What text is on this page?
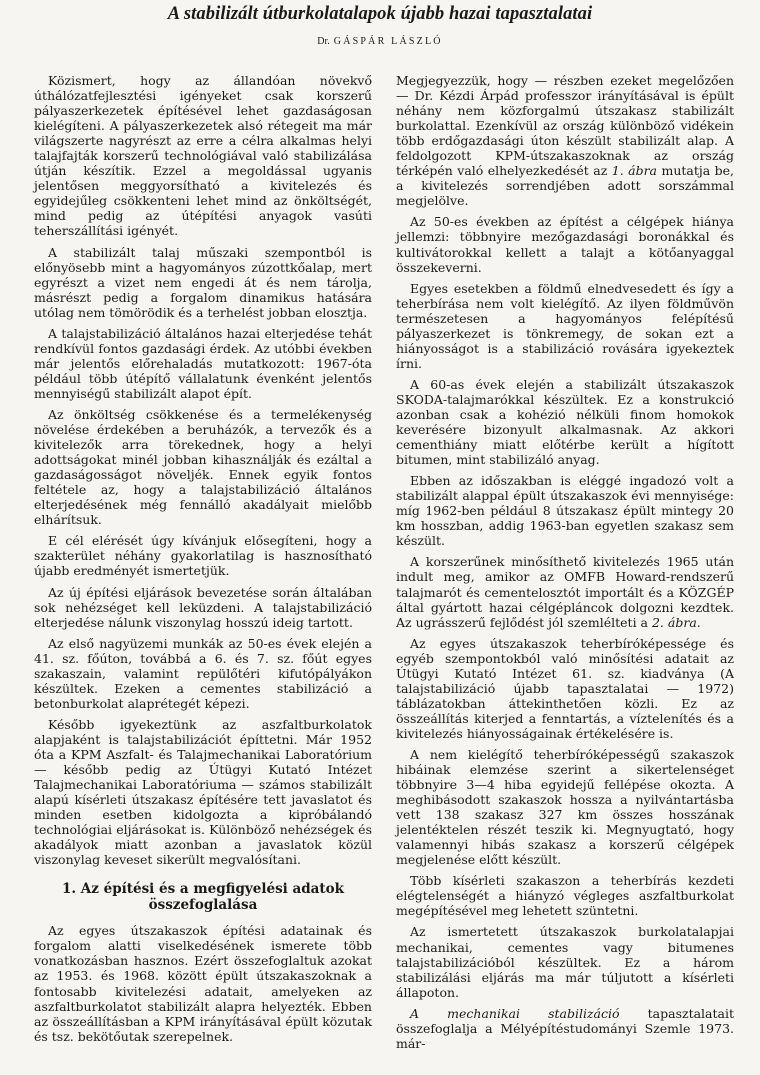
A stabilizált útburkolatalapok újabb hazai tapasztalatai
Dr. GÁSPÁR LÁSZLÓ

Közismert, hogy az állandóan növekvő úthálózatfejlesztési igényeket csak korszerű pályaszerkezetek építésével lehet gazdaságosan kielégíteni. A pályaszerkezetek alsó rétegeit ma már világszerte nagyrészt az erre a célra alkalmas helyi talajfajták korszerű technológiával való stabilizálása útján készítik. Ezzel a megoldással ugyanis jelentősen meggyorsítható a kivitelezés és egyidejűleg csökkenteni lehet mind az önköltségét, mind pedig az útépítési anyagok vasúti teherszállítási igényét.

A stabilizált talaj műszaki szempontból is előnyösebb mint a hagyományos zúzottkőalap, mert egyrészt a vizet nem engedi át és nem tárolja, másrészt pedig a forgalom dinamikus hatására utólag nem tömörödik és a terhelést jobban elosztja.

A talajstabilizáció általános hazai elterjedése tehát rendkívül fontos gazdasági érdek. Az utóbbi években már jelentős előrehaladás mutatkozott: 1967-óta például több útépítő vállalatunk évenként jelentős mennyiségű stabilizált alapot épít.

Az önköltség csökkenése és a termelékenység növelése érdekében a beruházók, a tervezők és a kivitelezők arra törekednek, hogy a helyi adottságokat minél jobban kihasználják és ezáltal a gazdaságosságot növeljék. Ennek egyik fontos feltétele az, hogy a talajstabilizáció általános elterjedésének még fennálló akadályait mielőbb elhárítsuk.

E cél elérését úgy kívánjuk elősegíteni, hogy a szakterület néhány gyakorlatilag is hasznosítható újabb eredményét ismertetjük.

Az új építési eljárások bevezetése során általában sok nehézséget kell leküzdeni. A talajstabilizáció elterjedése nálunk viszonylag hosszú ideig tartott.

Az első nagyüzemi munkák az 50-es évek elején a 41. sz. főúton, továbbá a 6. és 7. sz. főút egyes szakaszain, valamint repülőtéri kifutópályákon készültek. Ezeken a cementes stabilizáció a betonburkolat alaprétegét képezi.

Később igyekeztünk az aszfaltburkolatok alapjaként is talajstabilizációt építtetni. Már 1952 óta a KPM Aszfalt- és Talajmechanikai Laboratórium — később pedig az Útügyi Kutató Intézet Talajmechanikai Laboratóriuma — számos stabilizált alapú kísérleti útszakasz építésére tett javaslatot és minden esetben kidolgozta a kipróbálandó technológiai eljárásokat is. Különböző nehézségek és akadályok miatt azonban a javaslatok közül viszonylag keveset sikerült megvalósítani.

1. Az építési és a megfigyelési adatok összefoglalása

Az egyes útszakaszok építési adatainak és forgalom alatti viselkedésének ismerete több vonatkozásban hasznos. Ezért összefoglaltuk azokat az 1953. és 1968. között épült útszakaszoknak a fontosabb kivitelezési adatait, amelyeken az aszfaltburkolatot stabilizált alapra helyezték. Ebben az összeállításban a KPM irányításával épült közutak és tsz. bekötőutak szerepelnek.

Megjegyezzük, hogy — részben ezeket megelőzően — Dr. Kézdi Árpád professzor irányításával is épült néhány nem közforgalmú útszakasz stabilizált burkolattal. Ezenkívül az ország különböző vidékein több erdőgazdasági úton készült stabilizált alap. A feldolgozott KPM-útszakaszoknak az ország térképén való elhelyezkedését az 1. ábra mutatja be, a kivitelezés sorrendjében adott sorszámmal megjelölve.

Az 50-es években az építést a célgépek hiánya jellemzi: többnyire mezőgazdasági boronákkal és kultivátorokkal kellett a talajt a kötőanyaggal összekeverni.

Egyes esetekben a földmű elnedvesedett és így a teherbírása nem volt kielégítő. Az ilyen földművön természetesen a hagyományos felépítésű pályaszerkezet is tönkremegy, de sokan ezt a hiányosságot is a stabilizáció rovására igyekeztek írni.

A 60-as évek elején a stabilizált útszakaszok SKODA-talajmarókkal készültek. Ez a konstrukció azonban csak a kohézió nélküli finom homokok keverésére bizonyult alkalmasnak. Az akkori cementhiány miatt előtérbe került a hígított bitumen, mint stabilizáló anyag.

Ebben az időszakban is eléggé ingadozó volt a stabilizált alappal épült útszakaszok évi mennyisége: míg 1962-ben például 8 útszakasz épült mintegy 20 km hosszban, addig 1963-ban egyetlen szakasz sem készült.

A korszerűnek minősíthető kivitelezés 1965 után indult meg, amikor az OMFB Howard-rendszerű talajmarót és cementelosztót importált és a KÖZGÉP által gyártott hazai célgépláncok dolgozni kezdtek. Az ugrásszerű fejlődést jól szemlélteti a 2. ábra.

Az egyes útszakaszok teherbíróképessége és egyéb szempontokból való minősítési adatait az Útügyi Kutató Intézet 61. sz. kiadványa (A talajstabilizáció újabb tapasztalatai — 1972) táblázatokban áttekinthetően közli. Ez az összeállítás kiterjed a fenntartás, a víztelenítés és a kivitelezés hiányosságainak értékelésére is.

A nem kielégítő teherbíróképességű szakaszok hibáinak elemzése szerint a sikertelenséget többnyire 3—4 hiba egyidejű fellépése okozta. A meghibásodott szakaszok hossza a nyilvántartásba vett 138 szakasz 327 km összes hosszának jelentéktelen részét teszik ki. Megnyugtató, hogy valamennyi hibás szakasz a korszerű célgépek megjelenése előtt készült.

Több kísérleti szakaszon a teherbírás kezdeti elégtelenségét a hiányzó végleges aszfaltburkolat megépítésével meg lehetett szüntetni.

Az ismertetett útszakaszok burkolatalapjai mechanikai, cementes vagy bitumenes talajstabilizációból készültek. Ez a három stabilizálási eljárás ma már túljutott a kísérleti állapoton.

A mechanikai stabilizáció tapasztalatait összefoglalja a Mélyépítéstudományi Szemle 1973. már-
